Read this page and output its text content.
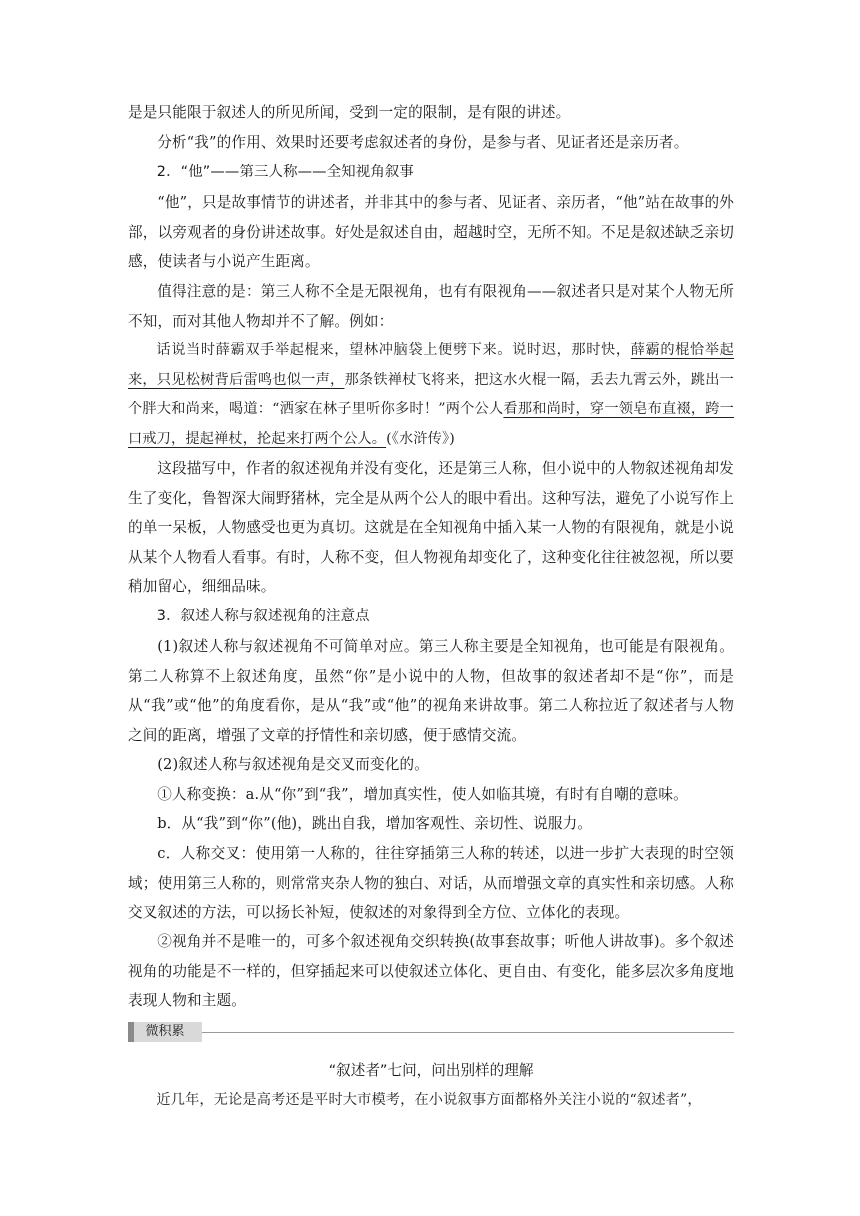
是是只能限于叙述人的所见所闻，受到一定的限制，是有限的讲述。

分析“我”的作用、效果时还要考虑叙述者的身份，是参与者、见证者还是亲历者。

2．“他”——第三人称——全知视角叙事

“他”，只是故事情节的讲述者，并非其中的参与者、见证者、亲历者，“他”站在故事的外部，以旁观者的身份讲述故事。好处是叙述自由，超越时空，无所不知。不足是叙述缺乏亲切感，使读者与小说产生距离。

值得注意的是：第三人称不全是无限视角，也有有限视角——叙述者只是对某个人物无所不知，而对其他人物却并不了解。例如：

话说当时薛霸双手举起棍来，望林冲脑袋上便劈下来。说时迟，那时快，薛霸的棍恰举起来，只见松树背后雷鸣也似一声，那条铁禅杖飞将来，把这水火棍一隔，丢去九霄云外，跳出一个胖大和尚来，喝道：“洒家在林子里听你多时！”两个公人看那和尚时，穿一领皂布直裰，跨一口戒刀，提起禅杖，抡起来打两个公人。(《水浒传》)

这段描写中，作者的叙述视角并没有变化，还是第三人称，但小说中的人物叙述视角却发生了变化，鲁智深大闹野猪林，完全是从两个公人的眼中看出。这种写法，避免了小说写作上的单一呆板，人物感受也更为真切。这就是在全知视角中插入某一人物的有限视角，就是小说从某个人物看人看事。有时，人称不变，但人物视角却变化了，这种变化往往被忽视，所以要稍加留心，细细品味。

3．叙述人称与叙述视角的注意点

(1)叙述人称与叙述视角不可简单对应。第三人称主要是全知视角，也可能是有限视角。第二人称算不上叙述角度，虽然“你”是小说中的人物，但故事的叙述者却不是“你”，而是从“我”或“他”的角度看你，是从“我”或“他”的视角来讲故事。第二人称拉近了叙述者与人物之间的距离，增强了文章的抒情性和亲切感，便于感情交流。

(2)叙述人称与叙述视角是交叉而变化的。

①人称变换：a.从“你”到“我”，增加真实性，使人如临其境，有时有自嘲的意味。

b．从“我”到“你”(他)，跳出自我，增加客观性、亲切性、说服力。

c．人称交叉：使用第一人称的，往往穿插第三人称的转述，以进一步扩大表现的时空领域；使用第三人称的，则常常夹杂人物的独白、对话，从而增强文章的真实性和亲切感。人称交叉叙述的方法，可以扬长补短，使叙述的对象得到全方位、立体化的表现。

②视角并不是唯一的，可多个叙述视角交织转换(故事套故事；听他人讲故事)。多个叙述视角的功能是不一样的，但穿插起来可以使叙述立体化、更自由、有变化，能多层次多角度地表现人物和主题。

微积累
“叙述者”七问，问出别样的理解

近几年，无论是高考还是平时大市模考，在小说叙事方面都格外关注小说的“叙述者”，
